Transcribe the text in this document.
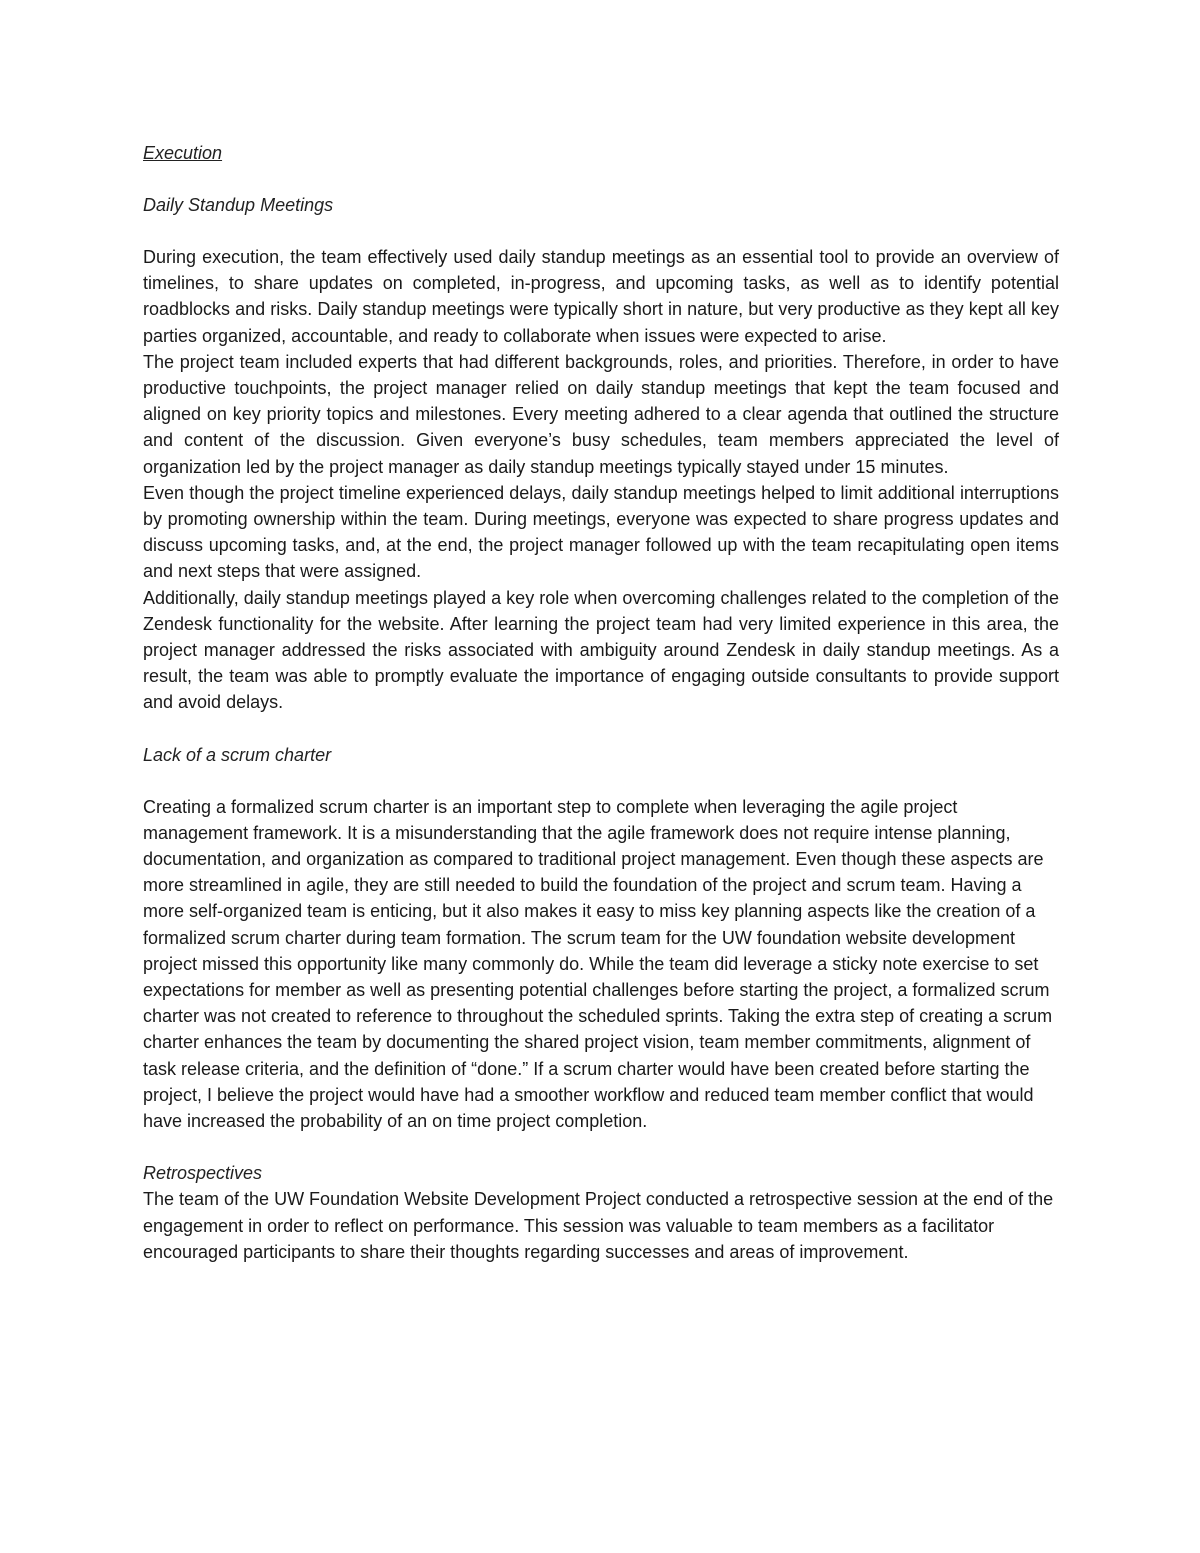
Execution

Daily Standup Meetings

During execution, the team effectively used daily standup meetings as an essential tool to provide an overview of timelines, to share updates on completed, in-progress, and upcoming tasks, as well as to identify potential roadblocks and risks. Daily standup meetings were typically short in nature, but very productive as they kept all key parties organized, accountable, and ready to collaborate when issues were expected to arise.

The project team included experts that had different backgrounds, roles, and priorities. Therefore, in order to have productive touchpoints, the project manager relied on daily standup meetings that kept the team focused and aligned on key priority topics and milestones. Every meeting adhered to a clear agenda that outlined the structure and content of the discussion. Given everyone’s busy schedules, team members appreciated the level of organization led by the project manager as daily standup meetings typically stayed under 15 minutes.

Even though the project timeline experienced delays, daily standup meetings helped to limit additional interruptions by promoting ownership within the team. During meetings, everyone was expected to share progress updates and discuss upcoming tasks, and, at the end, the project manager followed up with the team recapitulating open items and next steps that were assigned.

Additionally, daily standup meetings played a key role when overcoming challenges related to the completion of the Zendesk functionality for the website. After learning the project team had very limited experience in this area, the project manager addressed the risks associated with ambiguity around Zendesk in daily standup meetings. As a result, the team was able to promptly evaluate the importance of engaging outside consultants to provide support and avoid delays.

Lack of a scrum charter

Creating a formalized scrum charter is an important step to complete when leveraging the agile project management framework. It is a misunderstanding that the agile framework does not require intense planning, documentation, and organization as compared to traditional project management. Even though these aspects are more streamlined in agile, they are still needed to build the foundation of the project and scrum team. Having a more self-organized team is enticing, but it also makes it easy to miss key planning aspects like the creation of a formalized scrum charter during team formation. The scrum team for the UW foundation website development project missed this opportunity like many commonly do. While the team did leverage a sticky note exercise to set expectations for member as well as presenting potential challenges before starting the project, a formalized scrum charter was not created to reference to throughout the scheduled sprints. Taking the extra step of creating a scrum charter enhances the team by documenting the shared project vision, team member commitments, alignment of task release criteria, and the definition of “done.” If a scrum charter would have been created before starting the project, I believe the project would have had a smoother workflow and reduced team member conflict that would have increased the probability of an on time project completion.

Retrospectives

The team of the UW Foundation Website Development Project conducted a retrospective session at the end of the engagement in order to reflect on performance. This session was valuable to team members as a facilitator encouraged participants to share their thoughts regarding successes and areas of improvement.
